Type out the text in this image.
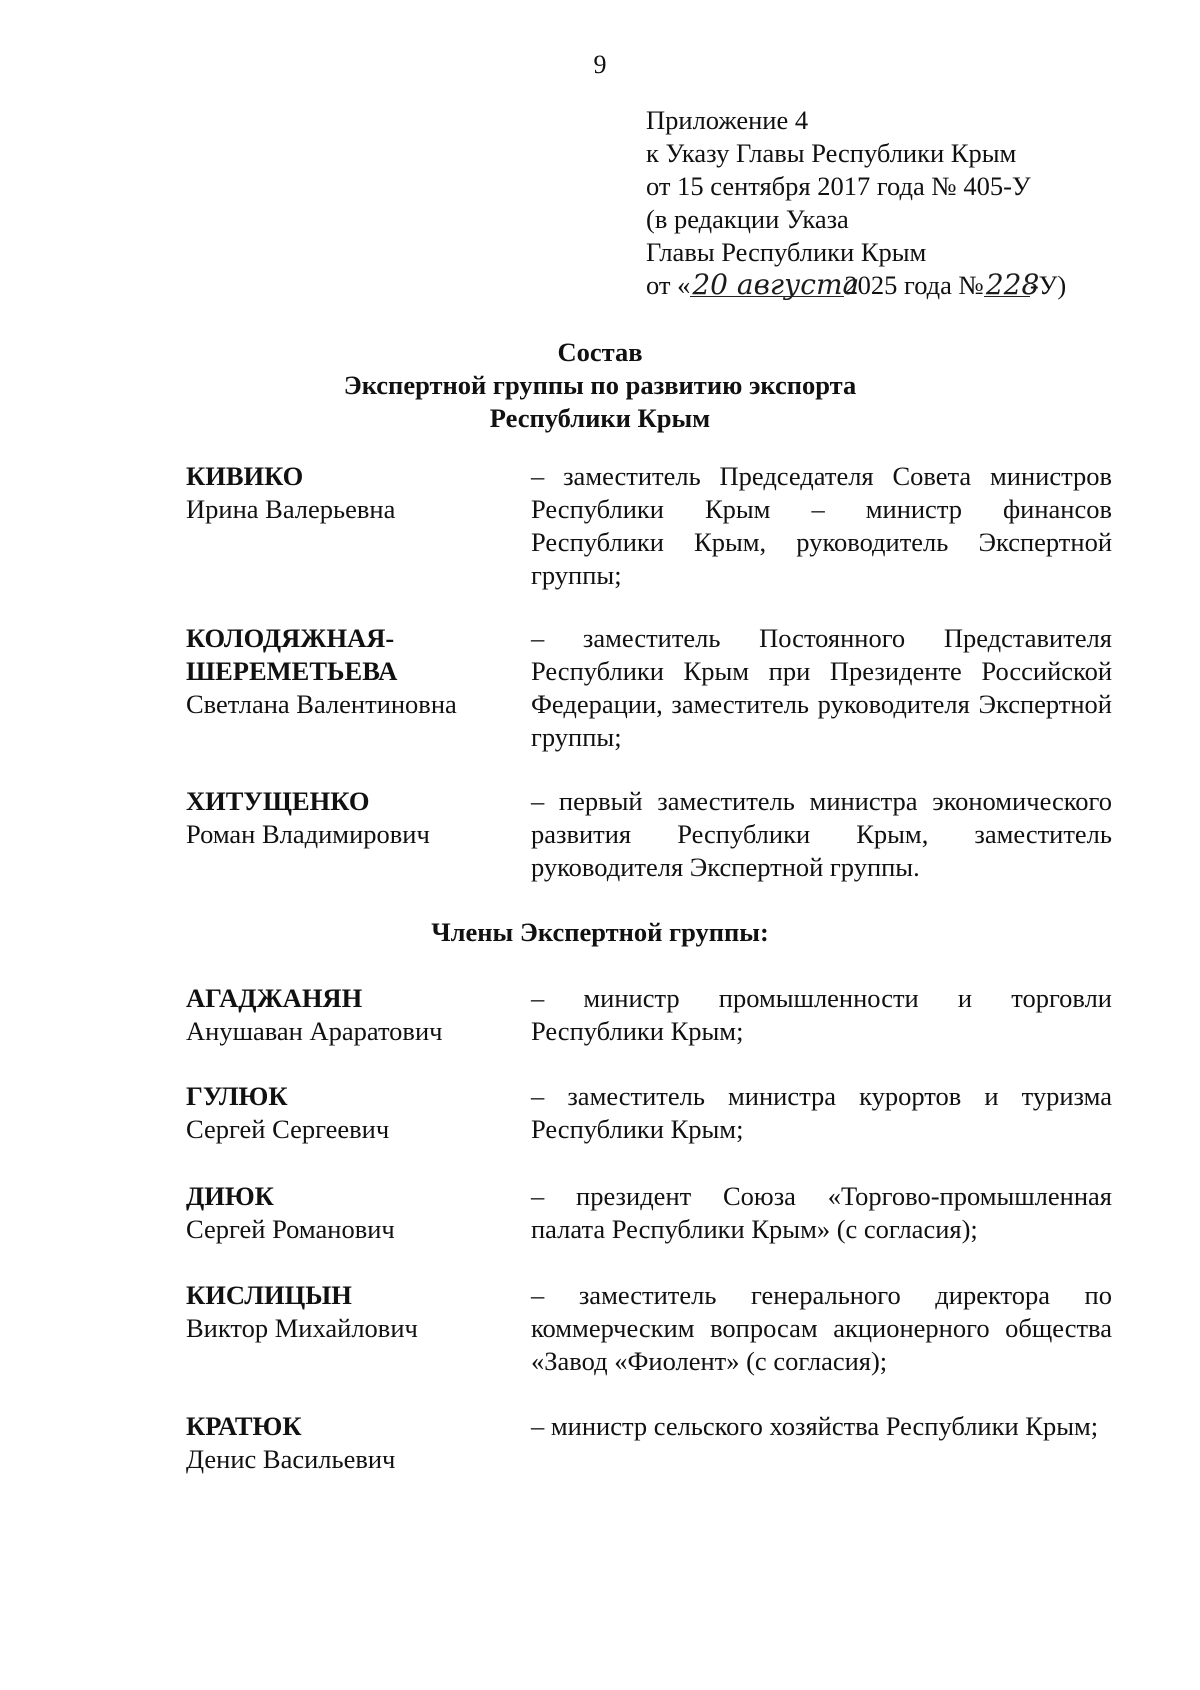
9
Приложение 4
к Указу Главы Республики Крым
от 15 сентября 2017 года № 405-У
(в редакции Указа
Главы Республики Крым
от «20 августа2025 года №228-У)
Состав
Экспертной группы по развитию экспорта
Республики Крым
КИВИКО
Ирина Валерьевна
– заместитель Председателя Совета министров Республики Крым – министр финансов Республики Крым, руководитель Экспертной группы;
КОЛОДЯЖНАЯ-
ШЕРЕМЕТЬЕВА
Светлана Валентиновна
– заместитель Постоянного Представителя Республики Крым при Президенте Российской Федерации, заместитель руководителя Экспертной группы;
ХИТУЩЕНКО
Роман Владимирович
– первый заместитель министра экономического развития Республики Крым, заместитель руководителя Экспертной группы.
Члены Экспертной группы:
АГАДЖАНЯН
Анушаван Араратович
– министр промышленности и торговли Республики Крым;
ГУЛЮК
Сергей Сергеевич
– заместитель министра курортов и туризма Республики Крым;
ДИЮК
Сергей Романович
– президент Союза «Торгово-промышленная палата Республики Крым» (с согласия);
КИСЛИЦЫН
Виктор Михайлович
– заместитель генерального директора по коммерческим вопросам акционерного общества «Завод «Фиолент» (с согласия);
КРАТЮК
Денис Васильевич
– министр сельского хозяйства Республики Крым;
